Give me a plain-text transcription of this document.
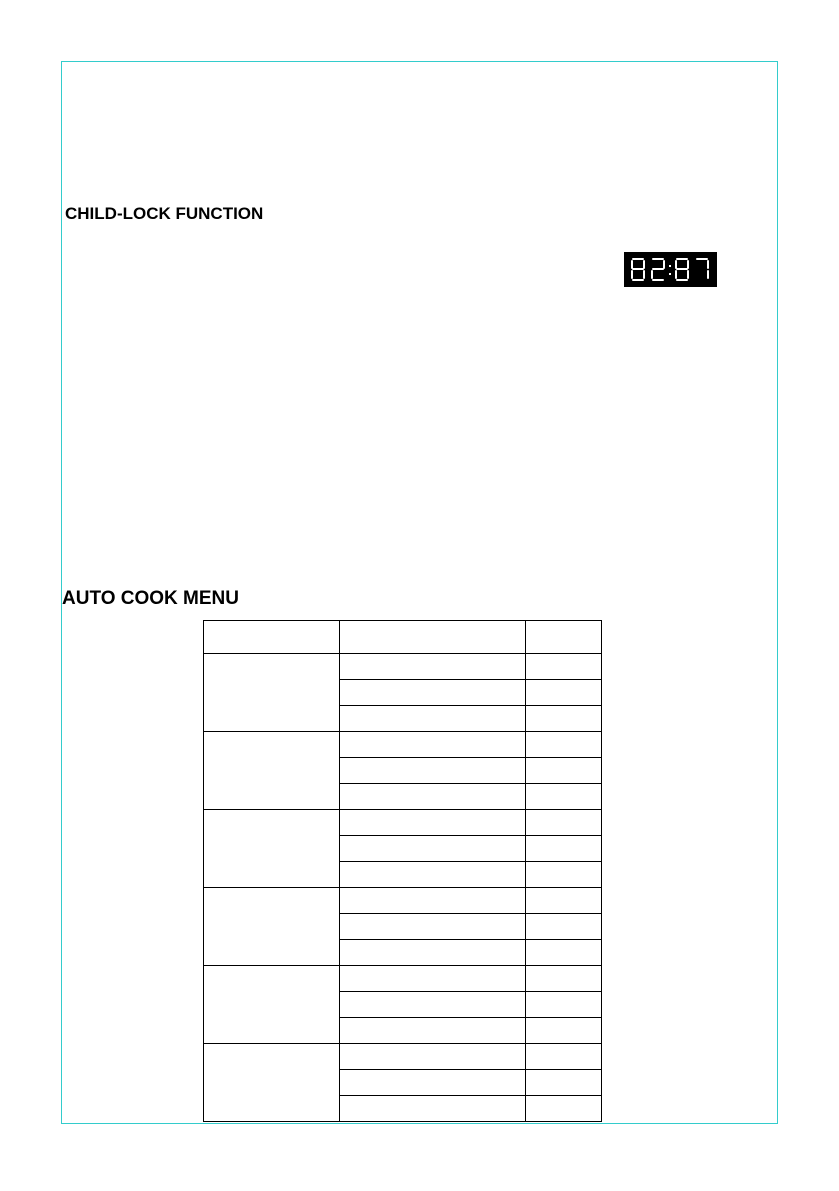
CHILD-LOCK FUNCTION
AUTO COOK MENU
